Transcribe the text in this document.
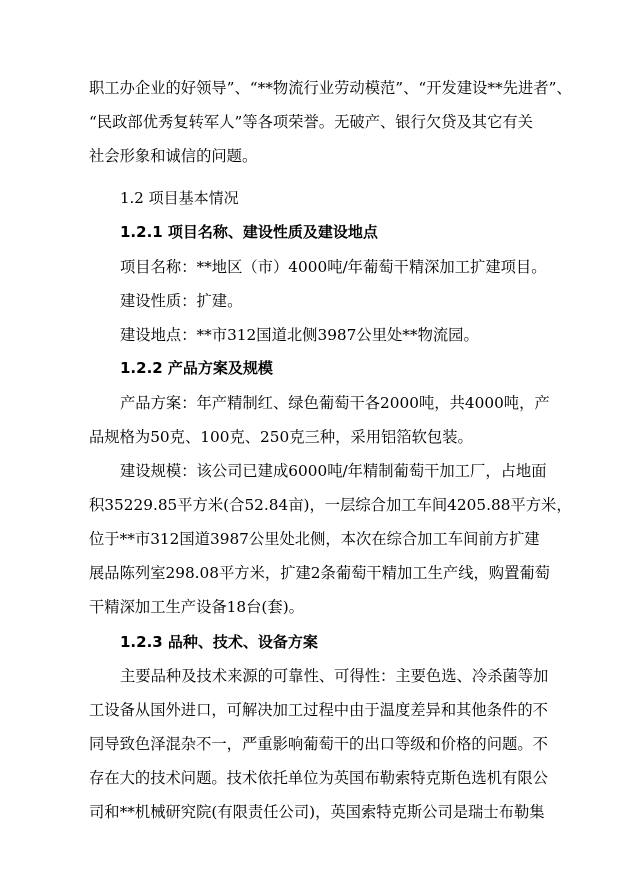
职工办企业的好领导”、“**物流行业劳动模范”、“开发建设**先进者”、
“民政部优秀复转军人”等各项荣誉。无破产、银行欠贷及其它有关
社会形象和诚信的问题。
1.2 项目基本情况
1.2.1 项目名称、建设性质及建设地点
项目名称：**地区（市）4000吨/年葡萄干精深加工扩建项目。
建设性质：扩建。
建设地点：**市312国道北侧3987公里处**物流园。
1.2.2 产品方案及规模
产品方案：年产精制红、绿色葡萄干各2000吨，共4000吨，产
品规格为50克、100克、250克三种，采用铝箔软包装。
建设规模：该公司已建成6000吨/年精制葡萄干加工厂，占地面
积35229.85平方米(合52.84亩)，一层综合加工车间4205.88平方米，
位于**市312国道3987公里处北侧，本次在综合加工车间前方扩建
展品陈列室298.08平方米，扩建2条葡萄干精加工生产线，购置葡萄
干精深加工生产设备18台(套)。
1.2.3 品种、技术、设备方案
主要品种及技术来源的可靠性、可得性：主要色选、冷杀菌等加
工设备从国外进口，可解决加工过程中由于温度差异和其他条件的不
同导致色泽混杂不一，严重影响葡萄干的出口等级和价格的问题。不
存在大的技术问题。技术依托单位为英国布勒索特克斯色选机有限公
司和**机械研究院(有限责任公司)，英国索特克斯公司是瑞士布勒集
